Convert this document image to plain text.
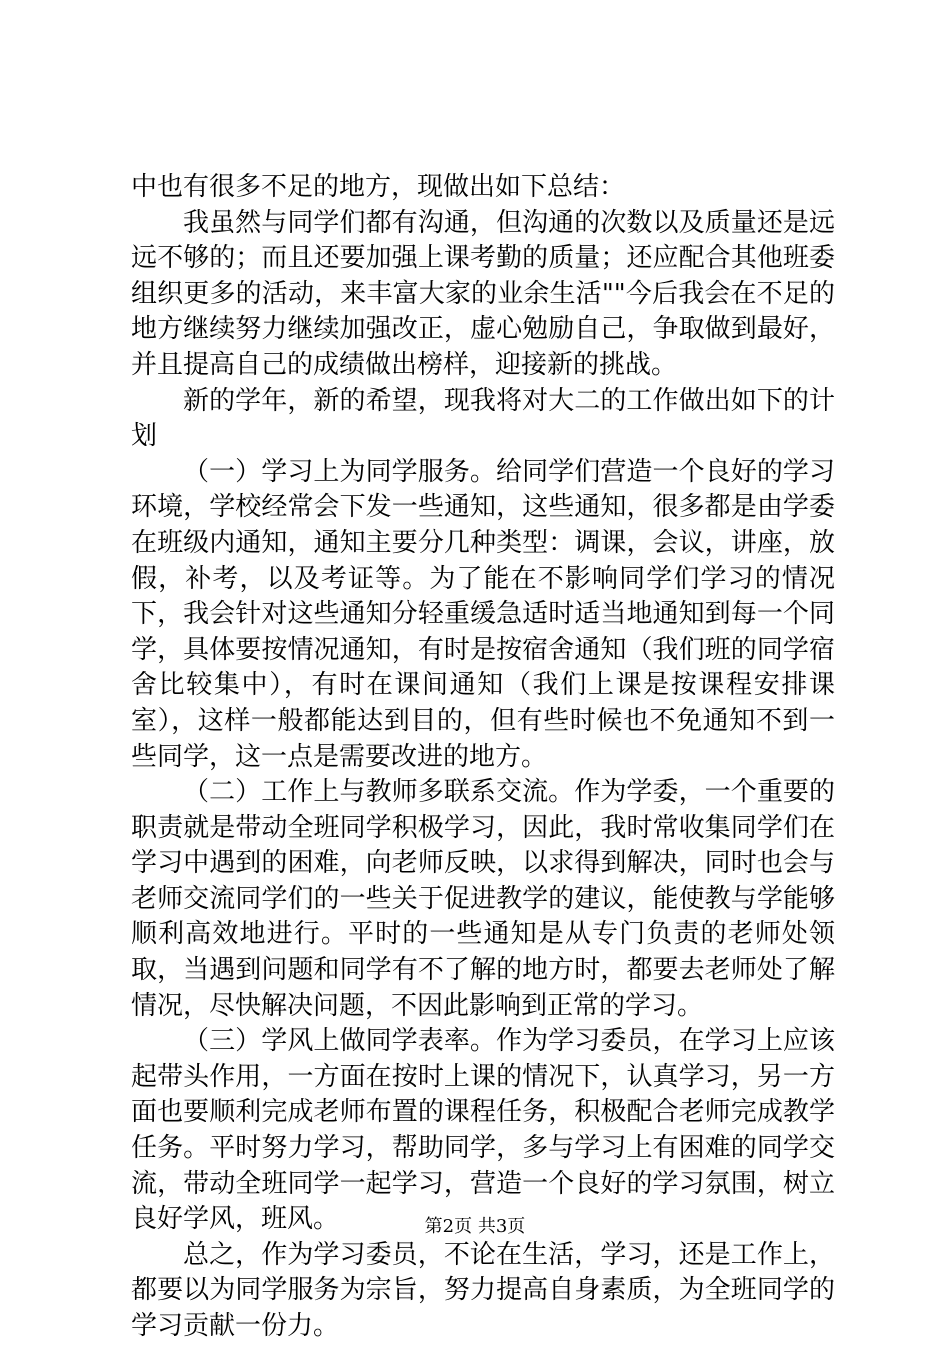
中也有很多不足的地方，现做出如下总结：

我虽然与同学们都有沟通，但沟通的次数以及质量还是远远不够的；而且还要加强上课考勤的质量；还应配合其他班委组织更多的活动，来丰富大家的业余生活""今后我会在不足的地方继续努力继续加强改正，虚心勉励自己，争取做到最好，并且提高自己的成绩做出榜样，迎接新的挑战。

新的学年，新的希望，现我将对大二的工作做出如下的计划

（一）学习上为同学服务。给同学们营造一个良好的学习环境，学校经常会下发一些通知，这些通知，很多都是由学委在班级内通知，通知主要分几种类型：调课，会议，讲座，放假，补考，以及考证等。为了能在不影响同学们学习的情况下，我会针对这些通知分轻重缓急适时适当地通知到每一个同学，具体要按情况通知，有时是按宿舍通知（我们班的同学宿舍比较集中），有时在课间通知（我们上课是按课程安排课室），这样一般都能达到目的，但有些时候也不免通知不到一些同学，这一点是需要改进的地方。

（二）工作上与教师多联系交流。作为学委，一个重要的职责就是带动全班同学积极学习，因此，我时常收集同学们在学习中遇到的困难，向老师反映，以求得到解决，同时也会与老师交流同学们的一些关于促进教学的建议，能使教与学能够顺利高效地进行。平时的一些通知是从专门负责的老师处领取，当遇到问题和同学有不了解的地方时，都要去老师处了解情况，尽快解决问题，不因此影响到正常的学习。

（三）学风上做同学表率。作为学习委员，在学习上应该起带头作用，一方面在按时上课的情况下，认真学习，另一方面也要顺利完成老师布置的课程任务，积极配合老师完成教学任务。平时努力学习，帮助同学，多与学习上有困难的同学交流，带动全班同学一起学习，营造一个良好的学习氛围，树立良好学风，班风。

总之，作为学习委员，不论在生活，学习，还是工作上，都要以为同学服务为宗旨，努力提高自身素质，为全班同学的学习贡献一份力。

第2页 共3页
